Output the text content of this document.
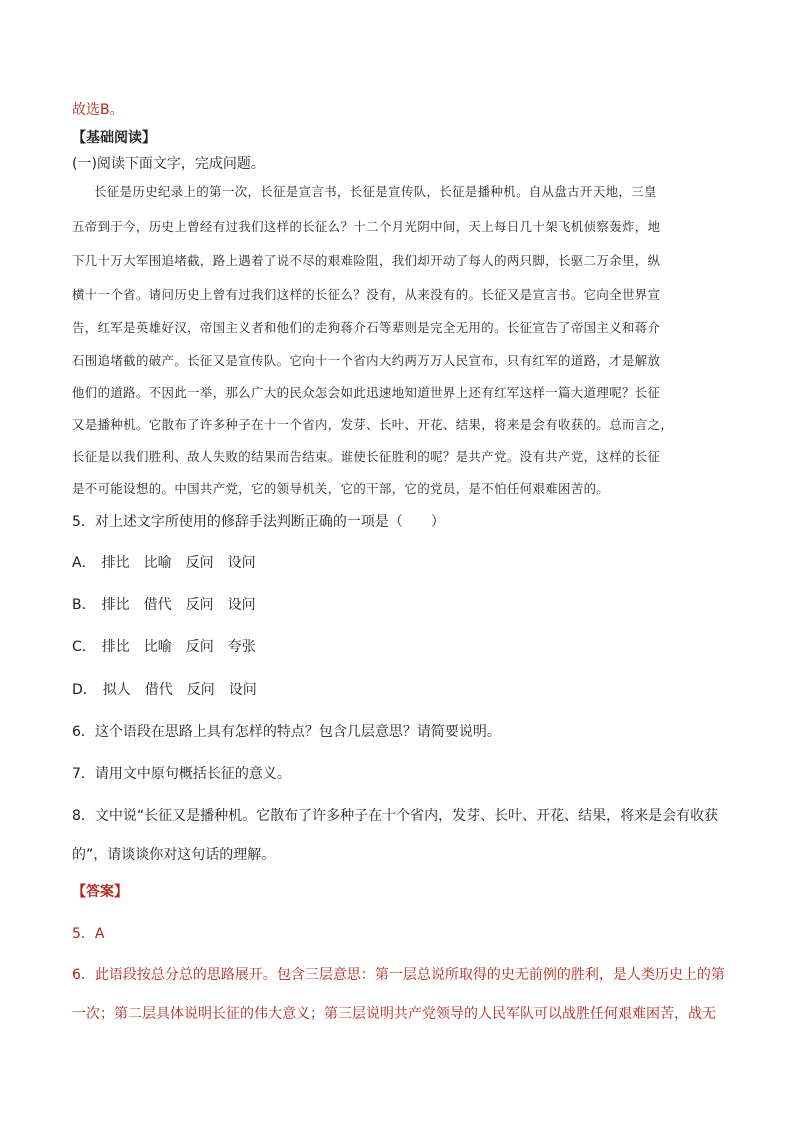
故选B。
【基础阅读】
(一)阅读下面文字，完成问题。
长征是历史纪录上的第一次，长征是宣言书，长征是宣传队，长征是播种机。自从盘古开天地，三皇
五帝到于今，历史上曾经有过我们这样的长征么？十二个月光阴中间，天上每日几十架飞机侦察轰炸，地
下几十万大军围追堵截，路上遇着了说不尽的艰难险阻，我们却开动了每人的两只脚，长驱二万余里，纵
横十一个省。请问历史上曾有过我们这样的长征么？没有，从来没有的。长征又是宣言书。它向全世界宣
告，红军是英雄好汉，帝国主义者和他们的走狗蒋介石等辈则是完全无用的。长征宣告了帝国主义和蒋介
石围追堵截的破产。长征又是宣传队。它向十一个省内大约两万万人民宣布，只有红军的道路，才是解放
他们的道路。不因此一举，那么广大的民众怎会如此迅速地知道世界上还有红军这样一篇大道理呢？长征
又是播种机。它散布了许多种子在十一个省内，发芽、长叶、开花、结果，将来是会有收获的。总而言之，
长征是以我们胜利、敌人失败的结果而告结束。谁使长征胜利的呢？是共产党。没有共产党，这样的长征
是不可能设想的。中国共产党，它的领导机关，它的干部，它的党员，是不怕任何艰难困苦的。
5．对上述文字所使用的修辞手法判断正确的一项是（　　）
A． 排比 比喻 反问 设问
B． 排比 借代 反问 设问
C． 排比 比喻 反问 夸张
D． 拟人 借代 反问 设问
6．这个语段在思路上具有怎样的特点？包含几层意思？请简要说明。
7．请用文中原句概括长征的意义。
8．文中说“长征又是播种机。它散布了许多种子在十个省内，发芽、长叶、开花、结果，将来是会有收获
的”，请谈谈你对这句话的理解。
【答案】
5．A
6．此语段按总分总的思路展开。包含三层意思：第一层总说所取得的史无前例的胜利，是人类历史上的第
一次；第二层具体说明长征的伟大意义；第三层说明共产党领导的人民军队可以战胜任何艰难困苦，战无
